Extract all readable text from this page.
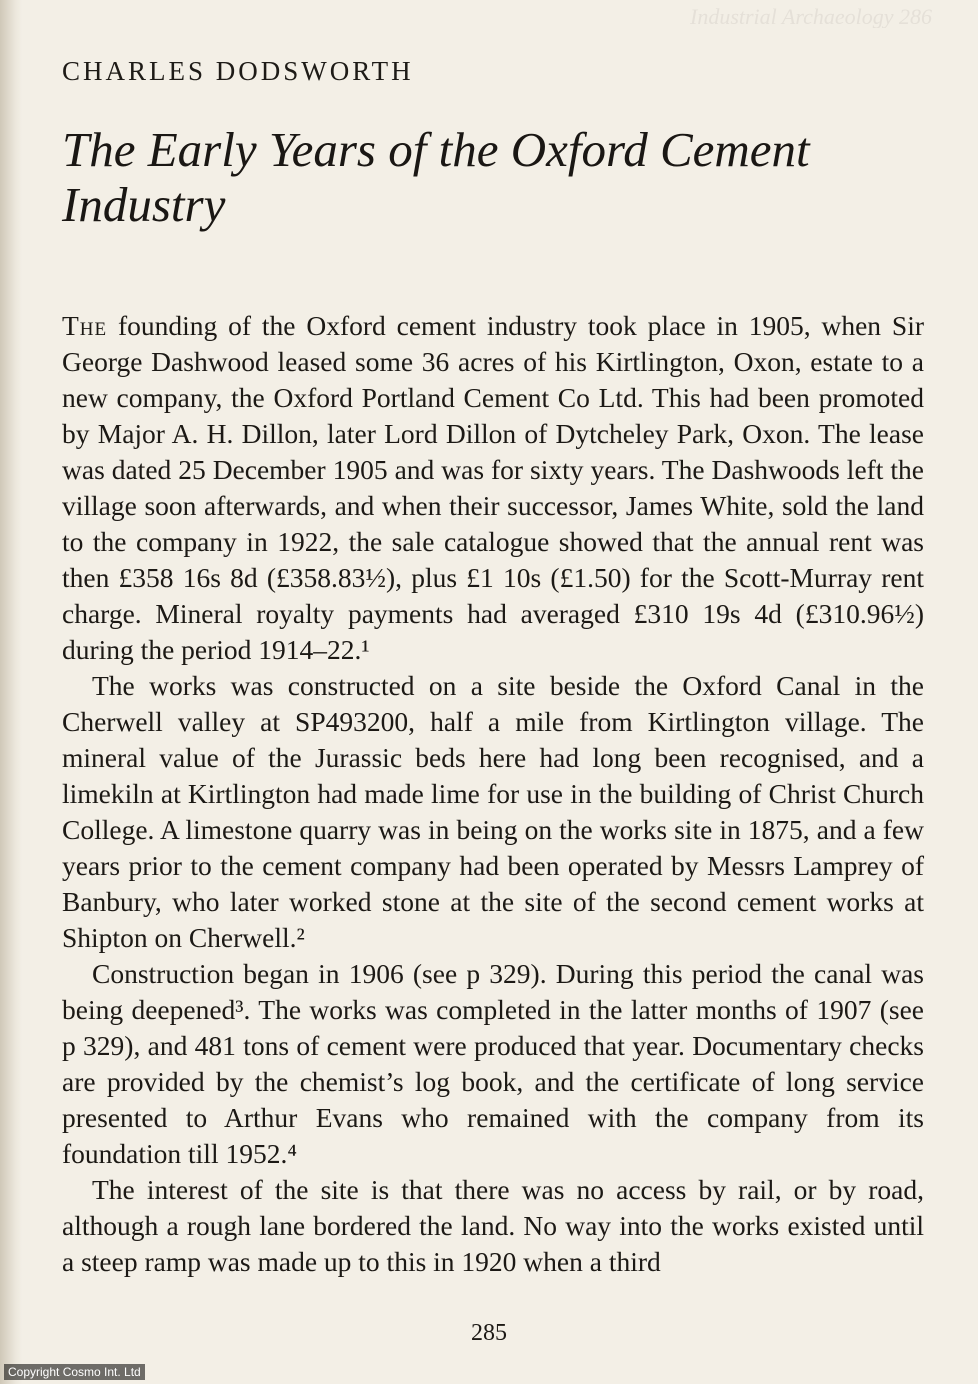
Industrial Archaeology 286
CHARLES DODSWORTH
The Early Years of the Oxford Cement Industry

The founding of the Oxford cement industry took place in 1905, when Sir George Dashwood leased some 36 acres of his Kirtlington, Oxon, estate to a new company, the Oxford Portland Cement Co Ltd. This had been promoted by Major A. H. Dillon, later Lord Dillon of Dytcheley Park, Oxon. The lease was dated 25 December 1905 and was for sixty years. The Dashwoods left the village soon afterwards, and when their successor, James White, sold the land to the company in 1922, the sale catalogue showed that the annual rent was then £358 16s 8d (£358.83½), plus £1 10s (£1.50) for the Scott-Murray rent charge. Mineral royalty payments had averaged £310 19s 4d (£310.96½) during the period 1914–22.¹

The works was constructed on a site beside the Oxford Canal in the Cherwell valley at SP493200, half a mile from Kirtlington village. The mineral value of the Jurassic beds here had long been recognised, and a limekiln at Kirtlington had made lime for use in the building of Christ Church College. A limestone quarry was in being on the works site in 1875, and a few years prior to the cement company had been operated by Messrs Lamprey of Banbury, who later worked stone at the site of the second cement works at Shipton on Cherwell.²

Construction began in 1906 (see p 329). During this period the canal was being deepened³. The works was completed in the latter months of 1907 (see p 329), and 481 tons of cement were produced that year. Documentary checks are provided by the chemist’s log book, and the certificate of long service presented to Arthur Evans who remained with the company from its foundation till 1952.⁴

The interest of the site is that there was no access by rail, or by road, although a rough lane bordered the land. No way into the works existed until a steep ramp was made up to this in 1920 when a third

285
Copyright Cosmo Int. Ltd
